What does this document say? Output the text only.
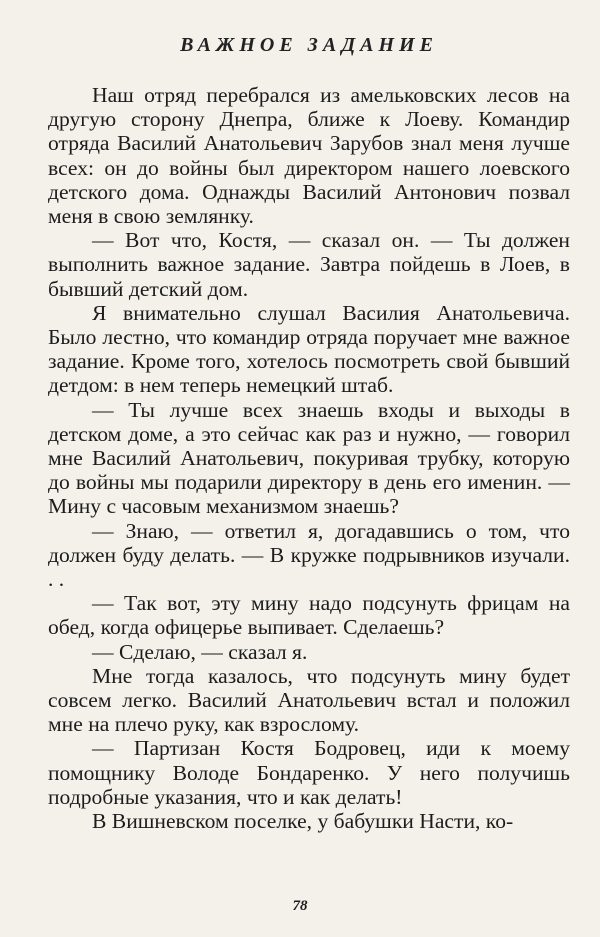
ВАЖНОЕ ЗАДАНИЕ

Наш отряд перебрался из амельковских лесов на другую сторону Днепра, ближе к Лоеву. Командир отряда Василий Анатольевич Зарубов знал меня лучше всех: он до войны был директором нашего лоевского детского дома. Однажды Василий Антонович позвал меня в свою землянку.

— Вот что, Костя, — сказал он. — Ты должен выполнить важное задание. Завтра пойдешь в Лоев, в бывший детский дом.

Я внимательно слушал Василия Анатольевича. Было лестно, что командир отряда поручает мне важное задание. Кроме того, хотелось посмотреть свой бывший детдом: в нем теперь немецкий штаб.

— Ты лучше всех знаешь входы и выходы в детском доме, а это сейчас как раз и нужно, — говорил мне Василий Анатольевич, покуривая трубку, которую до войны мы подарили директору в день его именин. — Мину с часовым механизмом знаешь?

— Знаю, — ответил я, догадавшись о том, что должен буду делать. — В кружке подрывников изучали. . .

— Так вот, эту мину надо подсунуть фрицам на обед, когда офицерье выпивает. Сделаешь?

— Сделаю, — сказал я.

Мне тогда казалось, что подсунуть мину будет совсем легко. Василий Анатольевич встал и положил мне на плечо руку, как взрослому.

— Партизан Костя Бодровец, иди к моему помощнику Володе Бондаренко. У него получишь подробные указания, что и как делать!

В Вишневском поселке, у бабушки Насти, ко-

78
